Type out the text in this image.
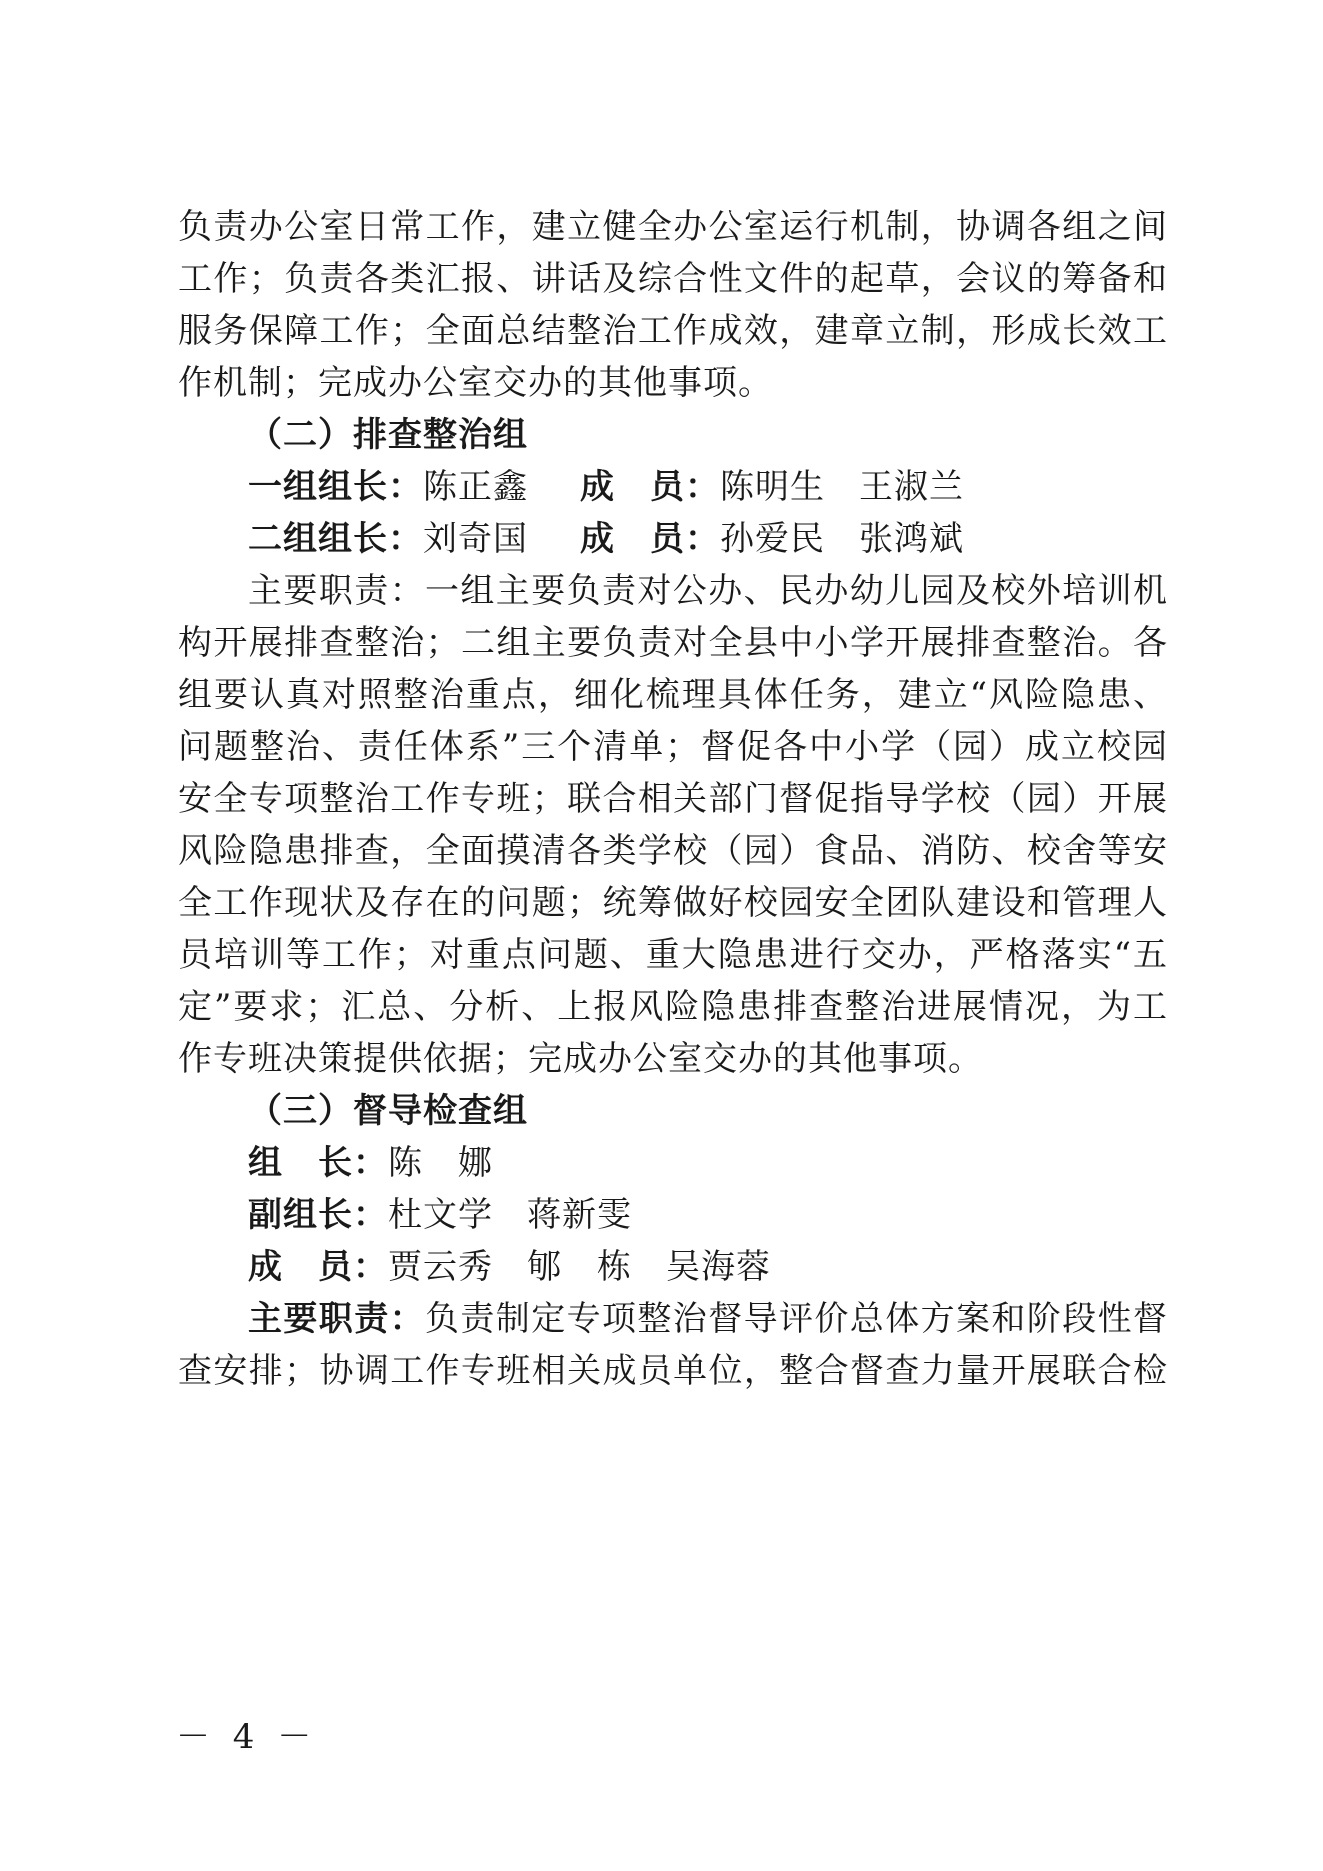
负责办公室日常工作，建立健全办公室运行机制，协调各组之间
工作；负责各类汇报、讲话及综合性文件的起草，会议的筹备和
服务保障工作；全面总结整治工作成效，建章立制，形成长效工
作机制；完成办公室交办的其他事项。
（二）排查整治组
一组组长：陈正鑫 成　员：陈明生 王淑兰
二组组长：刘奇国 成　员：孙爱民 张鸿斌
主要职责：一组主要负责对公办、民办幼儿园及校外培训机
构开展排查整治；二组主要负责对全县中小学开展排查整治。各
组要认真对照整治重点，细化梳理具体任务，建立“风险隐患、
问题整治、责任体系”三个清单；督促各中小学（园）成立校园
安全专项整治工作专班；联合相关部门督促指导学校（园）开展
风险隐患排查，全面摸清各类学校（园）食品、消防、校舍等安
全工作现状及存在的问题；统筹做好校园安全团队建设和管理人
员培训等工作；对重点问题、重大隐患进行交办，严格落实“五
定”要求；汇总、分析、上报风险隐患排查整治进展情况，为工
作专班决策提供依据；完成办公室交办的其他事项。
（三）督导检查组
组　长：陈　娜
副组长：杜文学 蒋新雯
成　员：贾云秀 郇　栋 吴海蓉
主要职责：负责制定专项整治督导评价总体方案和阶段性督
查安排；协调工作专班相关成员单位，整合督查力量开展联合检
－ 4 －
